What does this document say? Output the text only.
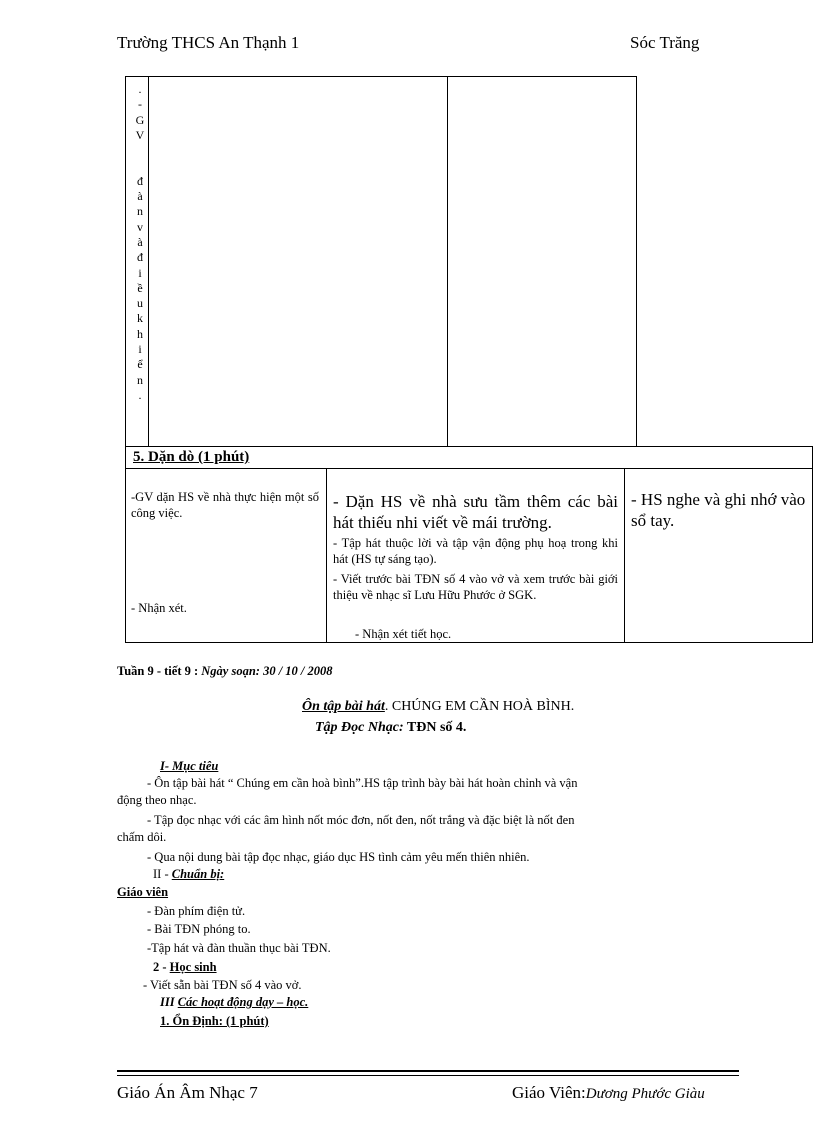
Trường THCS An Thạnh 1	Sóc Trăng
.
-
G
V

đ
à
n
v
à
đ
i
ề
u
k
h
i
ể
n
.
5. Dặn dò (1 phút)
-GV dặn HS về nhà thực hiện một số công việc.
- Nhận xét.
- Dặn HS về nhà sưu tầm thêm các bài hát thiếu nhi viết về mái trường.
- Tập hát thuộc lời và tập vận động phụ hoạ trong khi hát (HS tự sáng tạo).
- Viết trước bài TĐN số 4 vào vở và xem trước bài giới thiệu về nhạc sĩ Lưu Hữu Phước ở SGK.
- Nhận xét tiết học.
- HS nghe và ghi nhớ vào sổ tay.
Tuần 9 - tiết 9 : Ngày soạn: 30 / 10 / 2008
Ôn tập bài hát. CHÚNG EM CẦN HOÀ BÌNH.
Tập Đọc Nhạc: TĐN số 4.
I- Mục tiêu
- Ôn tập bài hát “ Chúng em cần hoà bình”.HS tập trình bày bài hát hoàn chỉnh và vận
động theo nhạc.
- Tập đọc nhạc với các âm hình nốt móc đơn, nốt đen, nốt trắng và đặc biệt là nốt đen
chấm dôi.
- Qua nội dung bài tập đọc nhạc, giáo dục HS tình cảm yêu mến thiên nhiên.
II - Chuẩn bị:
Giáo viên
- Đàn phím điện tử.
- Bài TĐN phóng to.
-Tập hát và đàn thuần thục bài TĐN.
2 - Học sinh
- Viết sẵn bài TĐN số 4 vào vở.
III Các hoạt động dạy – học.
1. Ổn Định: (1 phút)
Giáo Án Âm Nhạc 7	Giáo Viên:Dương Phước Giàu
